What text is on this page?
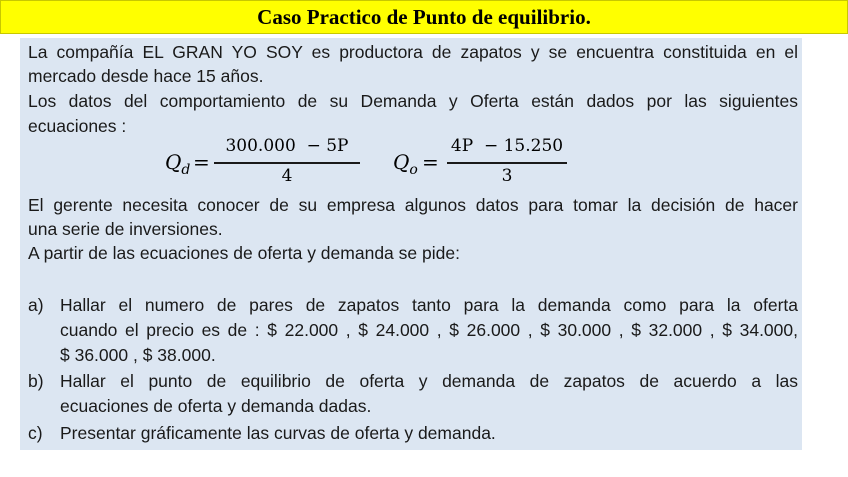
Caso Practico de Punto de equilibrio.
La compañía EL GRAN YO SOY es productora de zapatos y se encuentra constituida en el
mercado desde hace 15 años.
Los datos del comportamiento de su Demanda y Oferta están dados por las siguientes
ecuaciones :
$Q_d$ =
300.000  − 5P
4
$Q_o$ =
4P  − 15.250
3
El gerente necesita conocer de su empresa algunos datos para tomar la decisión de hacer
una serie de inversiones.
A partir de las ecuaciones de oferta y demanda se pide:
a) Hallar el numero de pares de zapatos tanto para la demanda como para la oferta
cuando el precio es de : $ 22.000 , $ 24.000 , $ 26.000 , $ 30.000 , $ 32.000 , $ 34.000,
$ 36.000 , $ 38.000.
b) Hallar el punto de equilibrio de oferta y demanda de zapatos de acuerdo a las
ecuaciones de oferta y demanda dadas.
c) Presentar gráficamente las curvas de oferta y demanda.
